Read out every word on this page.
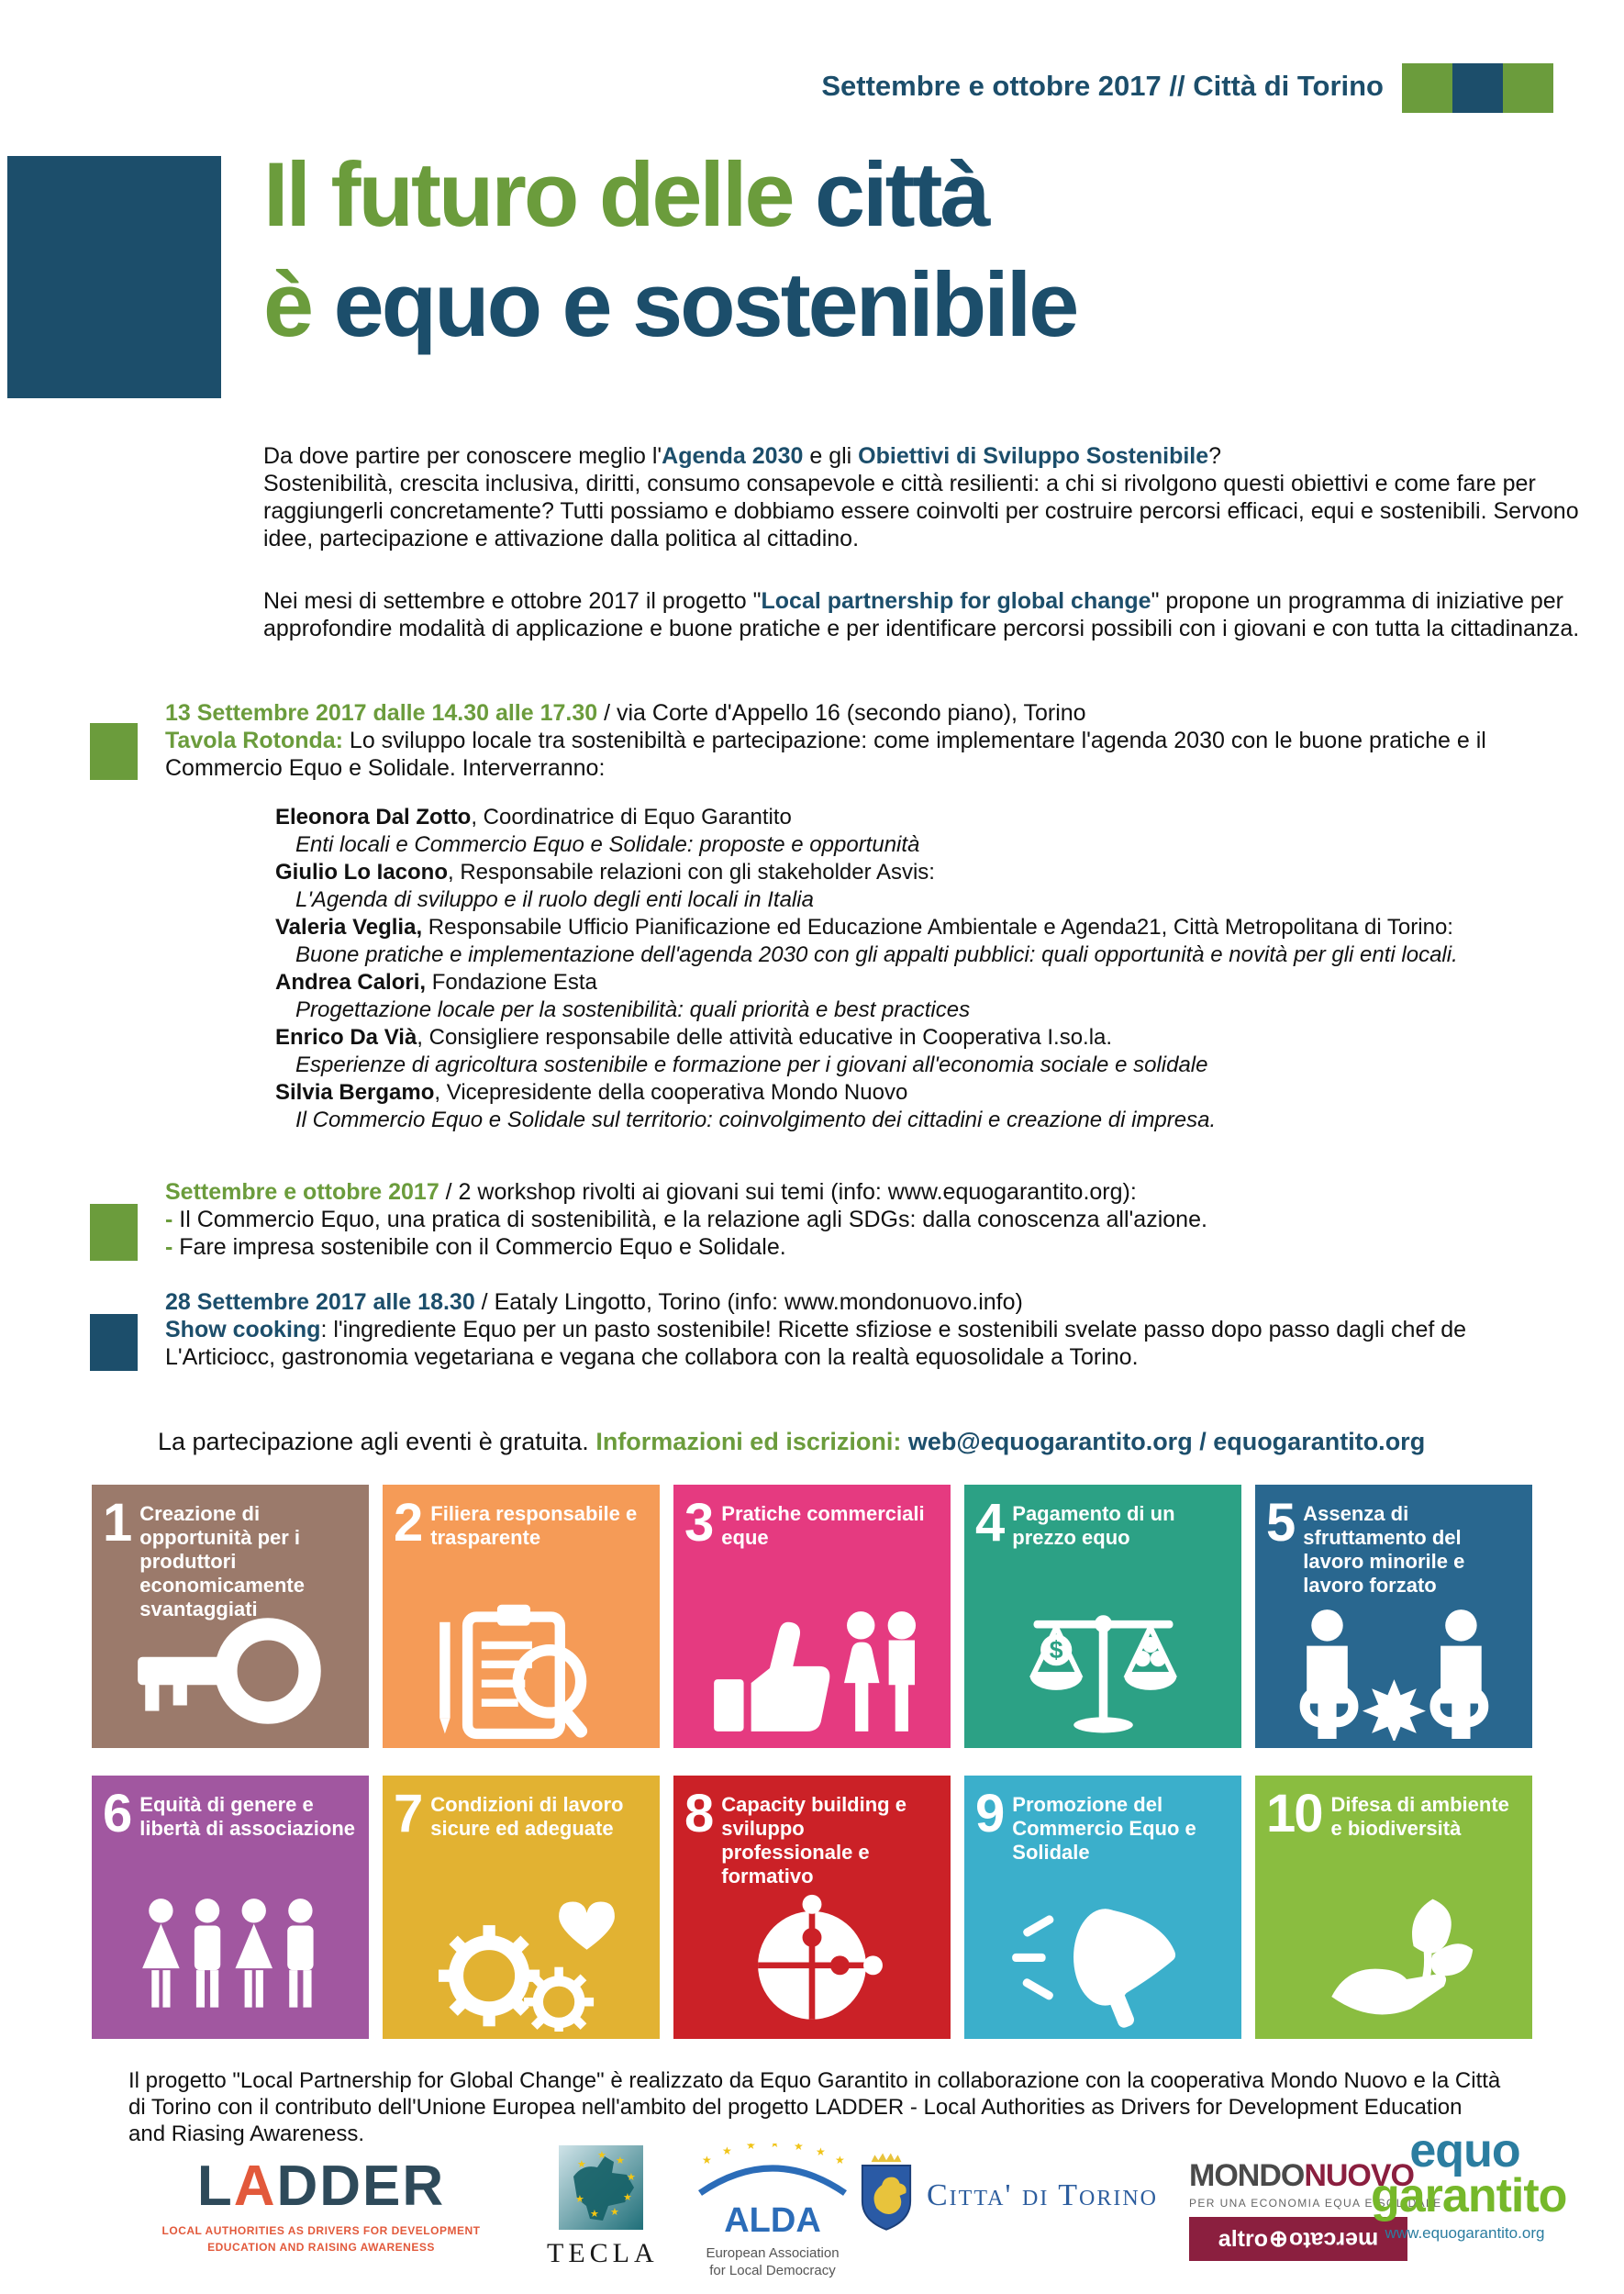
Settembre e ottobre 2017 // Città di Torino
Il futuro delle città
è equo e sostenibile
Da dove partire per conoscere meglio l'Agenda 2030 e gli Obiettivi di Sviluppo Sostenibile?
Sostenibilità, crescita inclusiva, diritti, consumo consapevole e città resilienti: a chi si rivolgono questi obiettivi e come fare per raggiungerli concretamente? Tutti possiamo e dobbiamo essere coinvolti per costruire percorsi efficaci, equi e sostenibili. Servono idee, partecipazione e attivazione dalla politica al cittadino.
Nei mesi di settembre e ottobre 2017 il progetto "Local partnership for global change" propone un programma di iniziative per approfondire modalità di applicazione e buone pratiche e per identificare percorsi possibili con i giovani e con tutta la cittadinanza.
13 Settembre 2017 dalle 14.30 alle 17.30 / via Corte d'Appello 16 (secondo piano), Torino
Tavola Rotonda: Lo sviluppo locale tra sostenibiltà e partecipazione: come implementare l'agenda 2030 con le buone pratiche e il Commercio Equo e Solidale. Interverranno:
Eleonora Dal Zotto, Coordinatrice di Equo Garantito
Enti locali e Commercio Equo e Solidale: proposte e opportunità
Giulio Lo Iacono, Responsabile relazioni con gli stakeholder Asvis:
L'Agenda di sviluppo e il ruolo degli enti locali in Italia
Valeria Veglia, Responsabile Ufficio Pianificazione ed Educazione Ambientale e Agenda21, Città Metropolitana di Torino:
Buone pratiche e implementazione dell'agenda 2030 con gli appalti pubblici: quali opportunità e novità per gli enti locali.
Andrea Calori, Fondazione Esta
Progettazione locale per la sostenibilità: quali priorità e best practices
Enrico Da Vià, Consigliere responsabile delle attività educative in Cooperativa I.so.la.
Esperienze di agricoltura sostenibile e formazione per i giovani all'economia sociale e solidale
Silvia Bergamo, Vicepresidente della cooperativa Mondo Nuovo
Il Commercio Equo e Solidale sul territorio: coinvolgimento dei cittadini e creazione di impresa.
Settembre e ottobre 2017 / 2 workshop rivolti ai giovani sui temi (info: www.equogarantito.org):

- Il Commercio Equo, una pratica di sostenibilità, e la relazione agli SDGs: dalla conoscenza all'azione.
- Fare impresa sostenibile con il Commercio Equo e Solidale.
28 Settembre 2017 alle 18.30 / Eataly Lingotto, Torino (info: www.mondonuovo.info)
Show cooking: l'ingrediente Equo per un pasto sostenibile! Ricette sfiziose e sostenibili svelate passo dopo passo dagli chef de L'Articiocc, gastronomia vegetariana e vegana che collabora con la realtà equosolidale a Torino.
La partecipazione agli eventi è gratuita. Informazioni ed iscrizioni: web@equogarantito.org / equogarantito.org
1 Creazione di opportunità per i produttori economicamente svantaggiati
2 Filiera responsabile e trasparente	3 Pratiche commerciali eque	4 Pagamento di un prezzo equo
$
5 Assenza di sfruttamento del lavoro minorile e lavoro forzato
6 Equità di genere e libertà di associazione 7 Condizioni di lavoro sicure ed adeguate	8 Capacity building e sviluppo professionale e formativo
9 Promozione del Commercio Equo e Solidale
10 Difesa di ambiente e biodiversità
Il progetto "Local Partnership for Global Change" è realizzato da Equo Garantito in collaborazione con la cooperativa Mondo Nuovo e la Città di Torino con il contributo dell'Unione Europea nell'ambito del progetto LADDER - Local Authorities as Drivers for Development Education and Riasing Awareness.
LADDER
LOCAL AUTHORITIES AS DRIVERS FOR DEVELOPMENT
EDUCATION AND RAISING AWARENESS
★ ★
★
★
★
★
★
★
TECLA
★
★ ★ ★ ★ ★
★
ALDA
European Association
for Local Democracy
Citta' di Torino
MONDONUOVO
PER UNA ECONOMIA EQUA E SOLIDALE
altro⊕mercato
equo
garantito
www.equogarantito.org
